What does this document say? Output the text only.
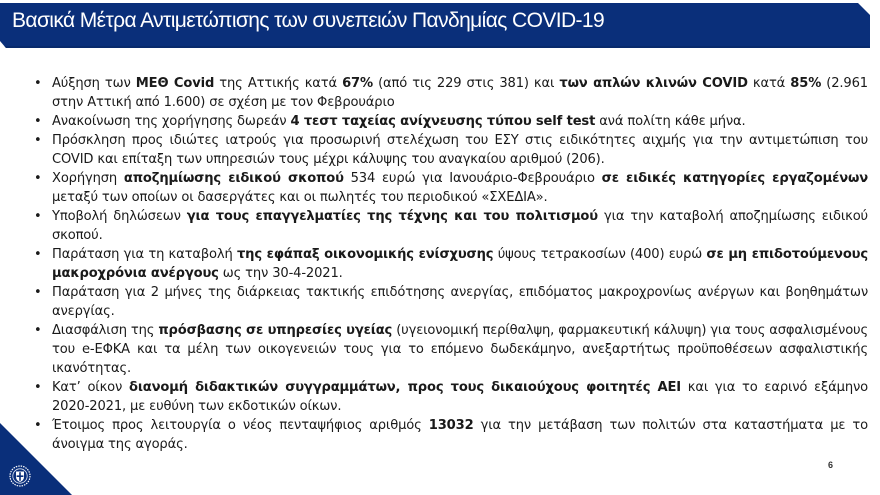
Βασικά Μέτρα Αντιμετώπισης των συνεπειών Πανδημίας COVID-19
• Αύξηση των ΜΕΘ Covid της Αττικής κατά 67% (από τις 229 στις 381) και των απλών κλινών COVID κατά 85% (2.961 στην Αττική από 1.600) σε σχέση με τον Φεβρουάριο
• Ανακοίνωση της χορήγησης δωρεάν 4 τεστ ταχείας ανίχνευσης τύπου self test ανά πολίτη κάθε μήνα.
• Πρόσκληση προς ιδιώτες ιατρούς για προσωρινή στελέχωση του ΕΣΥ στις ειδικότητες αιχμής για την αντιμετώπιση του COVID και επίταξη των υπηρεσιών τους μέχρι κάλυψης του αναγκαίου αριθμού (206).
• Χορήγηση αποζημίωσης ειδικού σκοπού 534 ευρώ για Ιανουάριο-Φεβρουάριο σε ειδικές κατηγορίες εργαζομένων μεταξύ των οποίων οι δασεργάτες και οι πωλητές του περιοδικού «ΣΧΕΔΙΑ».
• Υποβολή δηλώσεων για τους επαγγελματίες της τέχνης και του πολιτισμού για την καταβολή αποζημίωσης ειδικού σκοπού.
• Παράταση για τη καταβολή της εφάπαξ οικονομικής ενίσχυσης ύψους τετρακοσίων (400) ευρώ σε μη επιδοτούμενους μακροχρόνια ανέργους ως την 30-4-2021.
• Παράταση για 2 μήνες της διάρκειας τακτικής επιδότησης ανεργίας, επιδόματος μακροχρονίως ανέργων και βοηθημάτων ανεργίας.
• Διασφάλιση της πρόσβασης σε υπηρεσίες υγείας (υγειονομική περίθαλψη, φαρμακευτική κάλυψη) για τους ασφαλισμένους του e-ΕΦΚΑ και τα μέλη των οικογενειών τους για το επόμενο δωδεκάμηνο, ανεξαρτήτως προϋποθέσεων ασφαλιστικής ικανότητας.
• Κατ’ οίκον διανομή διδακτικών συγγραμμάτων, προς τους δικαιούχους φοιτητές ΑΕΙ και για το εαρινό εξάμηνο 2020-2021, με ευθύνη των εκδοτικών οίκων.
• Έτοιμος προς λειτουργία ο νέος πενταψήφιος αριθμός 13032 για την μετάβαση των πολιτών στα καταστήματα με το άνοιγμα της αγοράς.
6
